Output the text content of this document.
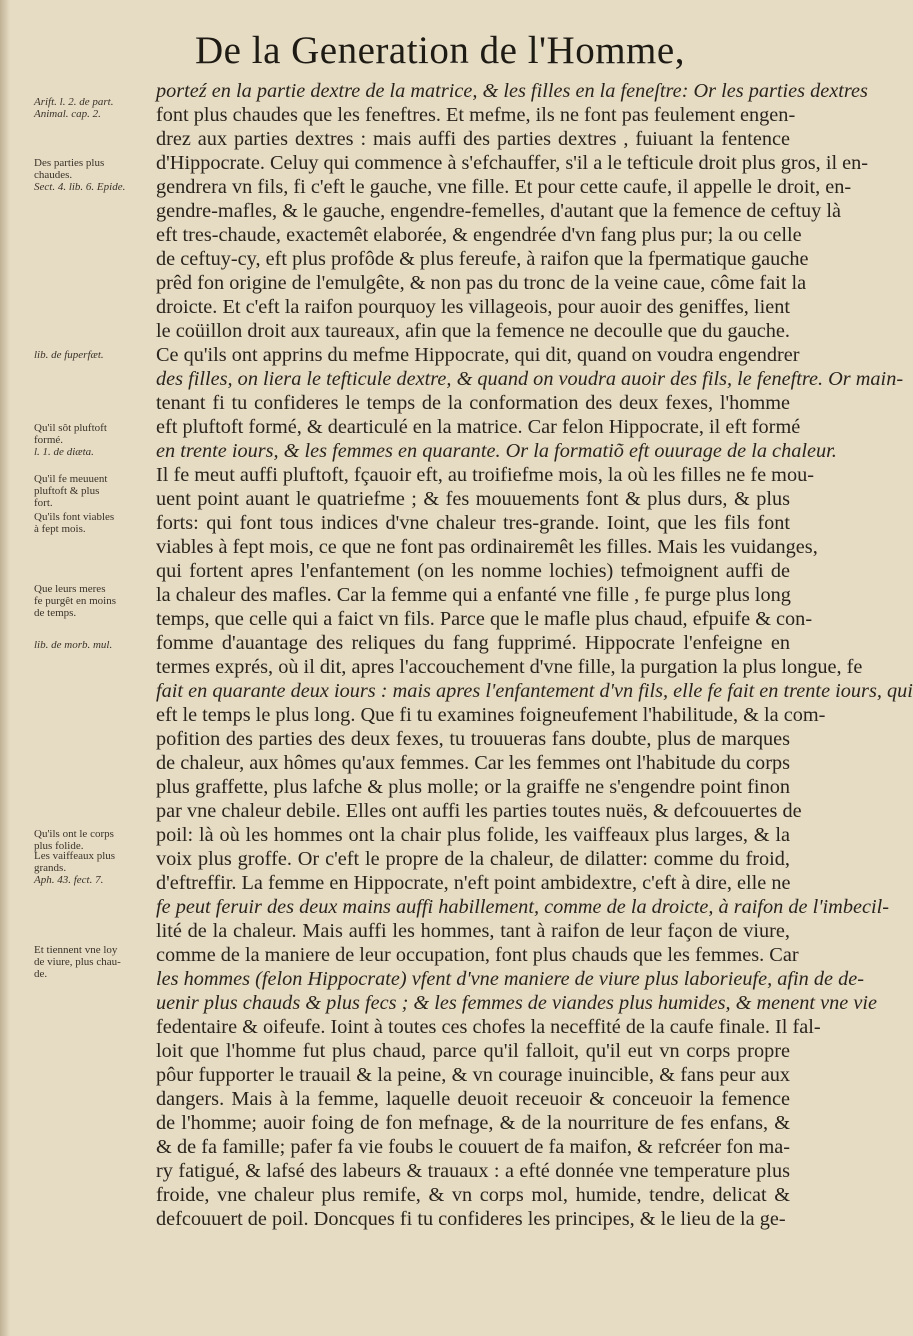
De la Generation de l'Homme,
Arift. l. 2. de part.
Animal. cap. 2.
Des parties plus
chaudes.
Sect. 4. lib. 6. Epide.
lib. de fuperfæt.
Qu'il sôt pluftoft
formé.
l. 1. de diæta.
Qu'il fe meuuent
pluftoft & plus
fort.
Qu'ils font viables
à fept mois.
Que leurs meres
fe purgêt en moins
de temps.
lib. de morb. mul.
Qu'ils ont le corps
plus folide.
Les vaiffeaux plus
grands.
Aph. 43. fect. 7.
Et tiennent vne loy
de viure, plus chau-
de.
porteź en la partie dextre de la matrice, & les filles en la feneſtre: Or les parties dextres
font plus chaudes que les feneftres. Et mefme, ils ne font pas feulement engen-
drez aux parties dextres : mais auffi des parties dextres , fuiuant la fentence
d'Hippocrate. Celuy qui commence à s'efchauffer, s'il a le tefticule droit plus gros, il en-
gendrera vn fils, fi c'eft le gauche, vne fille. Et pour cette caufe, il appelle le droit, en-
gendre-mafles, & le gauche, engendre-femelles, d'autant que la femence de ceftuy là
eft tres-chaude, exactemêt elaborée, & engendrée d'vn fang plus pur; la ou celle
de ceftuy-cy, eft plus profôde & plus fereufe, à raifon que la fpermatique gauche
prêd fon origine de l'emulgête, & non pas du tronc de la veine caue, côme fait la
droicte. Et c'eft la raifon pourquoy les villageois, pour auoir des geniffes, lient
le coüillon droit aux taureaux, afin que la femence ne decoulle que du gauche.
Ce qu'ils ont apprins du mefme Hippocrate, qui dit, quand on voudra engendrer
des filles, on liera le tefticule dextre, & quand on voudra auoir des fils, le feneftre. Or main-
tenant fi tu confideres le temps de la conformation des deux fexes, l'homme
eft pluftoft formé, & dearticulé en la matrice. Car felon Hippocrate, il eft formé
en trente iours, & les femmes en quarante. Or la formatiõ eft ouurage de la chaleur.
Il fe meut auffi pluftoft, fçauoir eft, au troifiefme mois, la où les filles ne fe mou-
uent point auant le quatriefme ; & fes mouuements font & plus durs, & plus
forts: qui font tous indices d'vne chaleur tres-grande. Ioint, que les fils font
viables à fept mois, ce que ne font pas ordinairemêt les filles. Mais les vuidanges,
qui fortent apres l'enfantement (on les nomme lochies) tefmoignent auffi de
la chaleur des mafles. Car la femme qui a enfanté vne fille , fe purge plus long
temps, que celle qui a faict vn fils. Parce que le mafle plus chaud, efpuife & con-
fomme d'auantage des reliques du fang fupprimé. Hippocrate l'enfeigne en
termes exprés, où il dit, apres l'accouchement d'vne fille, la purgation la plus longue, fe
fait en quarante deux iours : mais apres l'enfantement d'vn fils, elle fe fait en trente iours, qui
eft le temps le plus long. Que fi tu examines foigneufement l'habilitude, & la com-
pofition des parties des deux fexes, tu trouueras fans doubte, plus de marques
de chaleur, aux hômes qu'aux femmes. Car les femmes ont l'habitude du corps
plus graffette, plus lafche & plus molle; or la graiffe ne s'engendre point finon
par vne chaleur debile. Elles ont auffi les parties toutes nuës, & defcouuertes de
poil: là où les hommes ont la chair plus folide, les vaiffeaux plus larges, & la
voix plus groffe. Or c'eft le propre de la chaleur, de dilatter: comme du froid,
d'eftreffir. La femme en Hippocrate, n'eft point ambidextre, c'eft à dire, elle ne
fe peut feruir des deux mains auffi habillement, comme de la droicte, à raifon de l'imbecil-
lité de la chaleur. Mais auffi les hommes, tant à raifon de leur façon de viure,
comme de la maniere de leur occupation, font plus chauds que les femmes. Car
les hommes (felon Hippocrate) vfent d'vne maniere de viure plus laborieufe, afin de de-
uenir plus chauds & plus fecs ; & les femmes de viandes plus humides, & menent vne vie
fedentaire & oifeufe. Ioint à toutes ces chofes la neceffité de la caufe finale. Il fal-
loit que l'homme fut plus chaud, parce qu'il falloit, qu'il eut vn corps propre
pôur fupporter le trauail & la peine, & vn courage inuincible, & fans peur aux
dangers. Mais à la femme, laquelle deuoit receuoir & conceuoir la femence
de l'homme; auoir foing de fon mefnage, & de la nourriture de fes enfans, &
& de fa famille; pafer fa vie foubs le couuert de fa maifon, & refcréer fon ma-
ry fatigué, & lafsé des labeurs & trauaux : a efté donnée vne temperature plus
froide, vne chaleur plus remife, & vn corps mol, humide, tendre, delicat &
defcouuert de poil. Doncques fi tu confideres les principes, & le lieu de la ge-
